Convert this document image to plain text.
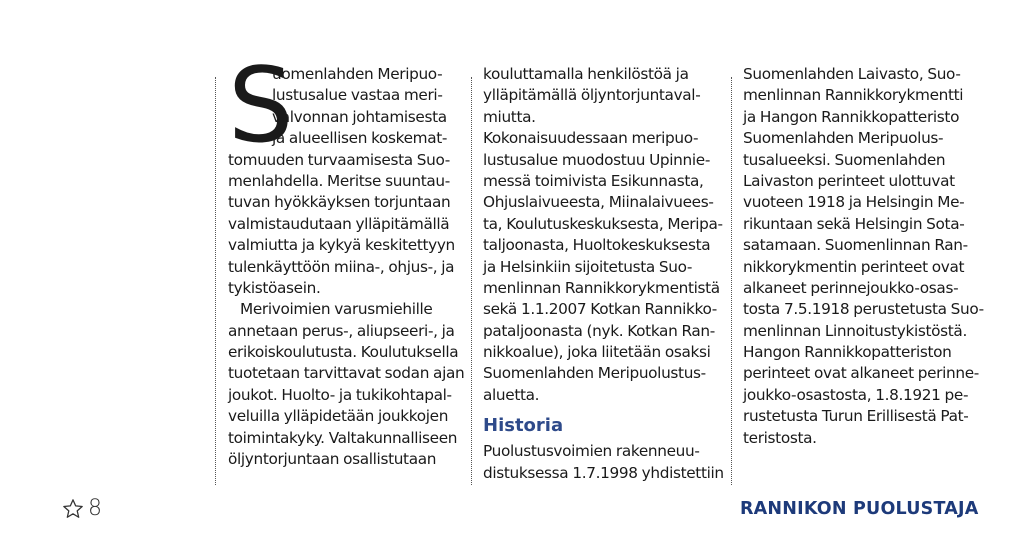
S
uomenlahden Meripuo-
lustusalue vastaa meri-
valvonnan johtamisesta
ja alueellisen koskemat-
tomuuden turvaamisesta Suo-
menlahdella. Meritse suuntau-
tuvan hyökkäyksen torjuntaan
valmistaudutaan ylläpitämällä
valmiutta ja kykyä keskitettyyn
tulenkäyttöön miina-, ohjus-, ja
tykistöasein.
Merivoimien varusmiehille
annetaan perus-, aliupseeri-, ja
erikoiskoulutusta. Koulutuksella
tuotetaan tarvittavat sodan ajan
joukot. Huolto- ja tukikohtapal-
veluilla ylläpidetään joukkojen
toimintakyky. Valtakunnalliseen
öljyntorjuntaan osallistutaan
kouluttamalla henkilöstöä ja
ylläpitämällä öljyntorjuntaval-
miutta.
Kokonaisuudessaan meripuo-
lustusalue muodostuu Upinnie-
messä toimivista Esikunnasta,
Ohjuslaivueesta, Miinalaivuees-
ta, Koulutuskeskuksesta, Meripa-
taljoonasta, Huoltokeskuksesta
ja Helsinkiin sijoitetusta Suo-
menlinnan Rannikkorykmentistä
sekä 1.1.2007 Kotkan Rannikko-
pataljoonasta (nyk. Kotkan Ran-
nikkoalue), joka liitetään osaksi
Suomenlahden Meripuolustus-
aluetta.
Historia
Puolustusvoimien rakenneuu-
distuksessa 1.7.1998 yhdistettiin
Suomenlahden Laivasto, Suo-
menlinnan Rannikkorykmentti
ja Hangon Rannikkopatteristo
Suomenlahden Meripuolus-
tusalueeksi. Suomenlahden
Laivaston perinteet ulottuvat
vuoteen 1918 ja Helsingin Me-
rikuntaan sekä Helsingin Sota-
satamaan. Suomenlinnan Ran-
nikkorykmentin perinteet ovat
alkaneet perinnejoukko-osas-
tosta 7.5.1918 perustetusta Suo-
menlinnan Linnoitustykistöstä.
Hangon Rannikkopatteriston
perinteet ovat alkaneet perinne-
joukko-osastosta, 1.8.1921 pe-
rustetusta Turun Erillisestä Pat-
teristosta.
8	RANNIKON PUOLUSTAJA
